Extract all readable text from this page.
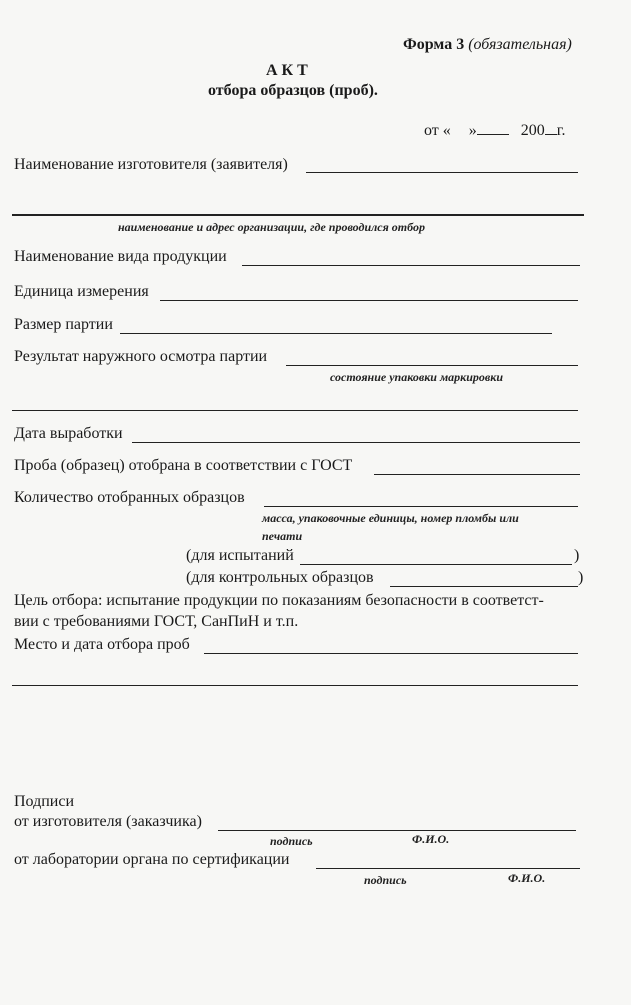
Форма 3 (обязательная)
А К Т
отбора образцов (проб).
от « »	200 г.
Наименование изготовителя (заявителя)
наименование и адрес организации, где проводился отбор
Наименование вида продукции
Единица измерения
Размер партии
Результат наружного осмотра партии
состояние упаковки маркировки
Дата выработки
Проба (образец) отобрана в соответствии с ГОСТ
Количество отобранных образцов
масса, упаковочные единицы, номер пломбы или
печати
(для испытаний	)
(для контрольных образцов	)
Цель отбора: испытание продукции по показаниям безопасности в соответст-
вии с требованиями ГОСТ, СанПиН и т.п.
Место и дата отбора проб
Подписи
от изготовителя (заказчика)
подпись	Ф.И.О.
от лаборатории органа по сертификации
подпись	Ф.И.О.
